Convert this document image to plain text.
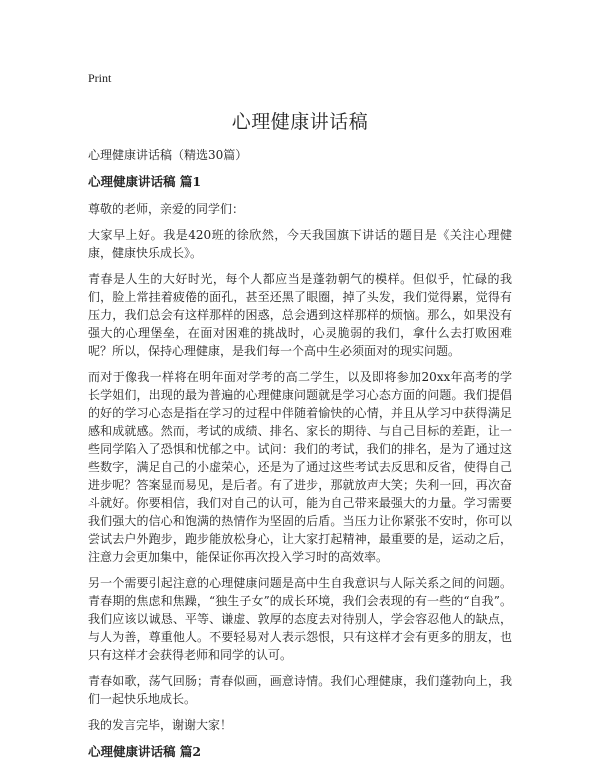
Print
心理健康讲话稿

心理健康讲话稿（精选30篇）

心理健康讲话稿 篇1

尊敬的老师，亲爱的同学们：

大家早上好。我是420班的徐欣然，今天我国旗下讲话的题目是《关注心理健康，健康快乐成长》。

青春是人生的大好时光，每个人都应当是蓬勃朝气的模样。但似乎，忙碌的我们，脸上常挂着疲倦的面孔，甚至还黑了眼圈，掉了头发，我们觉得累，觉得有压力，我们总会有这样那样的困惑，总会遇到这样那样的烦恼。那么，如果没有强大的心理堡垒，在面对困难的挑战时，心灵脆弱的我们，拿什么去打败困难呢？所以，保持心理健康，是我们每一个高中生必须面对的现实问题。

而对于像我一样将在明年面对学考的高二学生，以及即将参加20xx年高考的学长学姐们，出现的最为普遍的心理健康问题就是学习心态方面的问题。我们提倡的好的学习心态是指在学习的过程中伴随着愉快的心情，并且从学习中获得满足感和成就感。然而，考试的成绩、排名、家长的期待、与自己目标的差距，让一些同学陷入了恐惧和忧郁之中。试问：我们的考试，我们的排名，是为了通过这些数字，满足自己的小虚荣心，还是为了通过这些考试去反思和反省，使得自己进步呢？答案显而易见，是后者。有了进步，那就放声大笑；失利一回，再次奋斗就好。你要相信，我们对自己的认可，能为自己带来最强大的力量。学习需要我们强大的信心和饱满的热情作为坚固的后盾。当压力让你紧张不安时，你可以尝试去户外跑步，跑步能放松身心，让大家打起精神，最重要的是，运动之后，注意力会更加集中，能保证你再次投入学习时的高效率。

另一个需要引起注意的心理健康问题是高中生自我意识与人际关系之间的问题。青春期的焦虑和焦躁，“独生子女”的成长环境，我们会表现的有一些的“自我”。我们应该以诚恳、平等、谦虚、敦厚的态度去对待别人，学会容忍他人的缺点，与人为善，尊重他人。不要轻易对人表示怨恨，只有这样才会有更多的朋友，也只有这样才会获得老师和同学的认可。

青春如歌，荡气回肠；青春似画，画意诗情。我们心理健康，我们蓬勃向上，我们一起快乐地成长。

我的发言完毕，谢谢大家！

心理健康讲话稿 篇2
